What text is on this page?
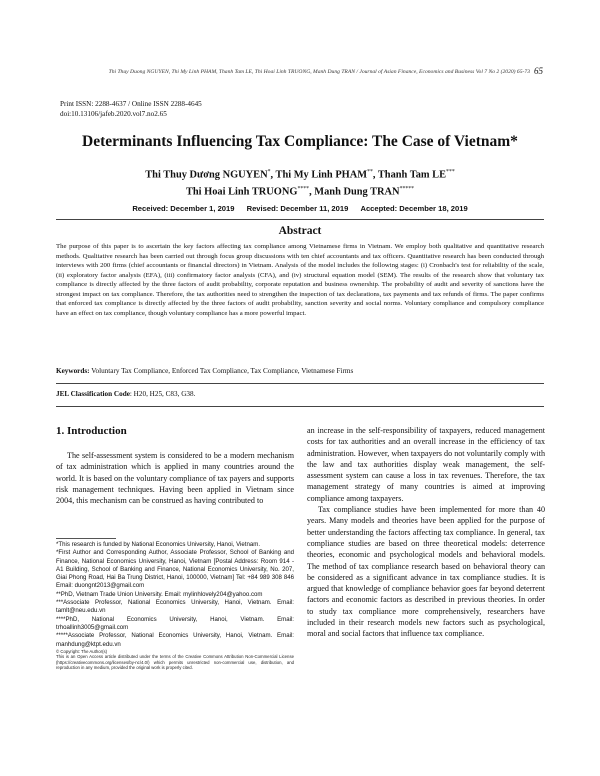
Thi Thuy Duong NGUYEN, Thi My Linh PHAM, Thanh Tam LE, Thi Hoai Linh TRUONG, Manh Dung TRAN / Journal of Asian Finance, Economics and Business Vol 7 No 2 (2020) 65-73 65
Print ISSN: 2288-4637 / Online ISSN 2288-4645
doi:10.13106/jafeb.2020.vol7.no2.65
Determinants Influencing Tax Compliance: The Case of Vietnam*
Thi Thuy Dương NGUYEN*, Thi My Linh PHAM**, Thanh Tam LE***
Thi Hoai Linh TRUONG****, Manh Dung TRAN*****
Received: December 1, 2019 Revised: December 11, 2019 Accepted: December 18, 2019
Abstract
The purpose of this paper is to ascertain the key factors affecting tax compliance among Vietnamese firms in Vietnam. We employ both qualitative and quantitative research methods. Qualitative research has been carried out through focus group discussions with ten chief accountants and tax officers. Quantitative research has been conducted through interviews with 200 firms (chief accountants or financial directors) in Vietnam. Analysis of the model includes the following stages: (i) Cronbach's test for reliability of the scale, (ii) exploratory factor analysis (EFA), (iii) confirmatory factor analysis (CFA), and (iv) structural equation model (SEM). The results of the research show that voluntary tax compliance is directly affected by the three factors of audit probability, corporate reputation and business ownership. The probability of audit and severity of sanctions have the strongest impact on tax compliance. Therefore, the tax authorities need to strengthen the inspection of tax declarations, tax payments and tax refunds of firms. The paper confirms that enforced tax compliance is directly affected by the three factors of audit probability, sanction severity and social norms. Voluntary compliance and compulsory compliance have an effect on tax compliance, though voluntary compliance has a more powerful impact.
Keywords: Voluntary Tax Compliance, Enforced Tax Compliance, Tax Compliance, Vietnamese Firms
JEL Classification Code: H20, H25, C83, G38.
1. Introduction

The self-assessment system is considered to be a modern mechanism of tax administration which is applied in many countries around the world. It is based on the voluntary compliance of tax payers and supports risk management techniques. Having been applied in Vietnam since 2004, this mechanism can be construed as having contributed to

*This research is funded by National Economics University, Hanoi, Vietnam.

*First Author and Corresponding Author, Associate Professor, School of Banking and Finance, National Economics University, Hanoi, Vietnam [Postal Address: Room 914 - A1 Building, School of Banking and Finance, National Economics University, No. 207, Giai Phong Road, Hai Ba Trung District, Hanoi, 100000, Vietnam] Tel: +84 989 308 846 Email: duongnt2013@gmail.com

**PhD, Vietnam Trade Union University. Email: mylinhlovely204@yahoo.com

***Associate Professor, National Economics University, Hanoi, Vietnam. Email: tamlt@neu.edu.vn

****PhD, National Economics University, Hanoi, Vietnam. Email: trhoallinh3005@gmail.com

*****Associate Professor, National Economics University, Hanoi, Vietnam. Email: manhdung@ktpt.edu.vn

© Copyright: The Author(s)

This is an Open Access article distributed under the terms of the Creative Commons Attribution Non-Commercial License (https://creativecommons.org/licenses/by-nc/4.0/) which permits unrestricted non-commercial use, distribution, and reproduction in any medium, provided the original work is properly cited.

an increase in the self-responsibility of taxpayers, reduced management costs for tax authorities and an overall increase in the efficiency of tax administration. However, when taxpayers do not voluntarily comply with the law and tax authorities display weak management, the self-assessment system can cause a loss in tax revenues. Therefore, the tax management strategy of many countries is aimed at improving compliance among taxpayers.

Tax compliance studies have been implemented for more than 40 years. Many models and theories have been applied for the purpose of better understanding the factors affecting tax compliance. In general, tax compliance studies are based on three theoretical models: deterrence theories, economic and psychological models and behavioral models. The method of tax compliance research based on behavioral theory can be considered as a significant advance in tax compliance studies. It is argued that knowledge of compliance behavior goes far beyond deterrent factors and economic factors as described in previous theories. In order to study tax compliance more comprehensively, researchers have included in their research models new factors such as psychological, moral and social factors that influence tax compliance.
